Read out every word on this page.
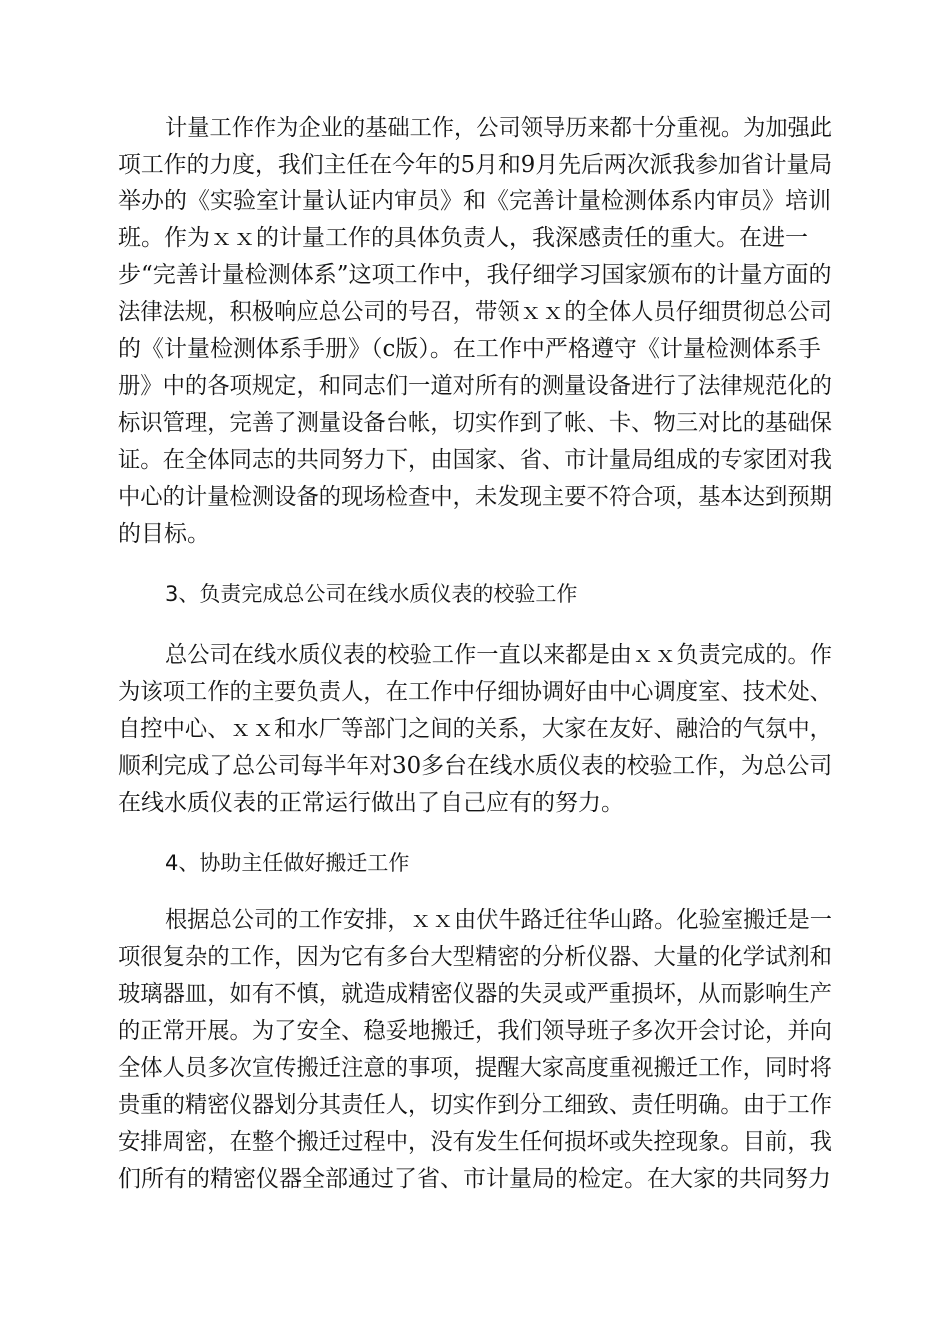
计量工作作为企业的基础工作，公司领导历来都十分重视。为加强此
项工作的力度，我们主任在今年的5月和9月先后两次派我参加省计量局
举办的《实验室计量认证内审员》和《完善计量检测体系内审员》培训
班。作为ｘｘ的计量工作的具体负责人，我深感责任的重大。在进一
步“完善计量检测体系”这项工作中，我仔细学习国家颁布的计量方面的
法律法规，积极响应总公司的号召，带领ｘｘ的全体人员仔细贯彻总公司
的《计量检测体系手册》（c版）。在工作中严格遵守《计量检测体系手
册》中的各项规定，和同志们一道对所有的测量设备进行了法律规范化的
标识管理，完善了测量设备台帐，切实作到了帐、卡、物三对比的基础保
证。在全体同志的共同努力下，由国家、省、市计量局组成的专家团对我
中心的计量检测设备的现场检查中，未发现主要不符合项，基本达到预期
的目标。
3、负责完成总公司在线水质仪表的校验工作
总公司在线水质仪表的校验工作一直以来都是由ｘｘ负责完成的。作
为该项工作的主要负责人，在工作中仔细协调好由中心调度室、技术处、
自控中心、ｘｘ和水厂等部门之间的关系，大家在友好、融洽的气氛中，
顺利完成了总公司每半年对30多台在线水质仪表的校验工作，为总公司
在线水质仪表的正常运行做出了自己应有的努力。
4、协助主任做好搬迁工作
根据总公司的工作安排，ｘｘ由伏牛路迁往华山路。化验室搬迁是一
项很复杂的工作，因为它有多台大型精密的分析仪器、大量的化学试剂和
玻璃器皿，如有不慎，就造成精密仪器的失灵或严重损坏，从而影响生产
的正常开展。为了安全、稳妥地搬迁，我们领导班子多次开会讨论，并向
全体人员多次宣传搬迁注意的事项，提醒大家高度重视搬迁工作，同时将
贵重的精密仪器划分其责任人，切实作到分工细致、责任明确。由于工作
安排周密，在整个搬迁过程中，没有发生任何损坏或失控现象。目前，我
们所有的精密仪器全部通过了省、市计量局的检定。在大家的共同努力
